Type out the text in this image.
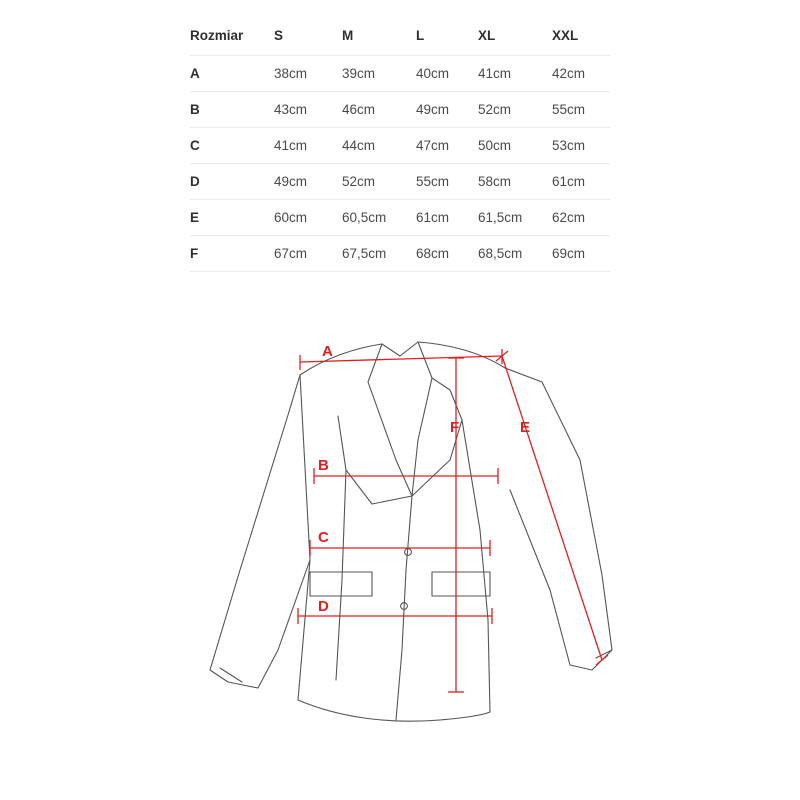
Rozmiar	S	M	L	XL	XXL
A	38cm	39cm	40cm	41cm	42cm
B	43cm	46cm	49cm	52cm	55cm
C	41cm	44cm	47cm	50cm	53cm
D	49cm	52cm	55cm	58cm	61cm
E	60cm	60,5cm	61cm	61,5cm	62cm
F	67cm	67,5cm	68cm	68,5cm	69cm
A
B
C
D
E
F
